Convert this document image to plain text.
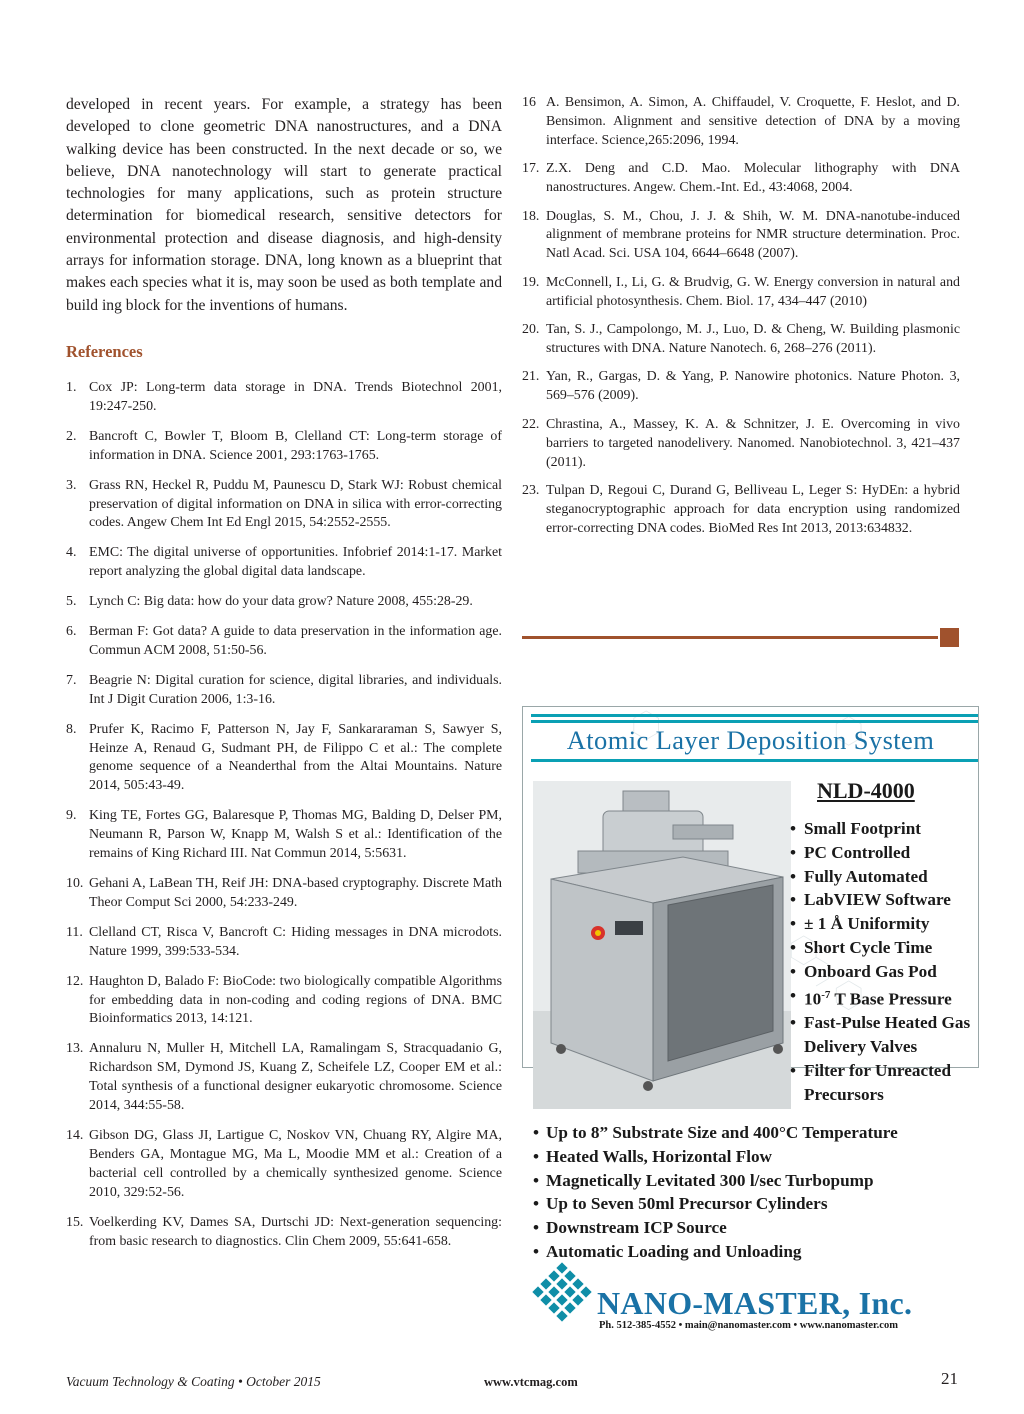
developed in recent years. For example, a strategy has been developed to clone geometric DNA nanostructures, and a DNA walking device has been constructed. In the next decade or so, we believe, DNA nanotechnology will start to generate practical technologies for many applications, such as protein structure determination for biomedical research, sensitive detectors for environmental protection and disease diagnosis, and high-density arrays for information storage. DNA, long known as a blueprint that makes each species what it is, may soon be used as both template and build ing block for the inventions of humans.

References
1. Cox JP: Long-term data storage in DNA. Trends Biotechnol 2001, 19:247-250.
2. Bancroft C, Bowler T, Bloom B, Clelland CT: Long-term storage of information in DNA. Science 2001, 293:1763-1765.
3. Grass RN, Heckel R, Puddu M, Paunescu D, Stark WJ: Robust chemical preservation of digital information on DNA in silica with error-correcting codes. Angew Chem Int Ed Engl 2015, 54:2552-2555.
4. EMC: The digital universe of opportunities. Infobrief 2014:1-17. Market report analyzing the global digital data landscape.
5. Lynch C: Big data: how do your data grow? Nature 2008, 455:28-29.
6. Berman F: Got data? A guide to data preservation in the information age. Commun ACM 2008, 51:50-56.
7. Beagrie N: Digital curation for science, digital libraries, and individuals. Int J Digit Curation 2006, 1:3-16.
8. Prufer K, Racimo F, Patterson N, Jay F, Sankararaman S, Sawyer S, Heinze A, Renaud G, Sudmant PH, de Filippo C et al.: The complete genome sequence of a Neanderthal from the Altai Mountains. Nature 2014, 505:43-49.
9. King TE, Fortes GG, Balaresque P, Thomas MG, Balding D, Delser PM, Neumann R, Parson W, Knapp M, Walsh S et al.: Identification of the remains of King Richard III. Nat Commun 2014, 5:5631.
10. Gehani A, LaBean TH, Reif JH: DNA-based cryptography. Discrete Math Theor Comput Sci 2000, 54:233-249.
11. Clelland CT, Risca V, Bancroft C: Hiding messages in DNA microdots. Nature 1999, 399:533-534.
12. Haughton D, Balado F: BioCode: two biologically compatible Algorithms for embedding data in non-coding and coding regions of DNA. BMC Bioinformatics 2013, 14:121.
13. Annaluru N, Muller H, Mitchell LA, Ramalingam S, Stracquadanio G, Richardson SM, Dymond JS, Kuang Z, Scheifele LZ, Cooper EM et al.: Total synthesis of a functional designer eukaryotic chromosome. Science 2014, 344:55-58.
14. Gibson DG, Glass JI, Lartigue C, Noskov VN, Chuang RY, Algire MA, Benders GA, Montague MG, Ma L, Moodie MM et al.: Creation of a bacterial cell controlled by a chemically synthesized genome. Science 2010, 329:52-56.
15. Voelkerding KV, Dames SA, Durtschi JD: Next-generation sequencing: from basic research to diagnostics. Clin Chem 2009, 55:641-658.
16 A. Bensimon, A. Simon, A. Chiffaudel, V. Croquette, F. Heslot, and D. Bensimon. Alignment and sensitive detection of DNA by a moving interface. Science,265:2096, 1994.
17. Z.X. Deng and C.D. Mao. Molecular lithography with DNA nanostructures. Angew. Chem.-Int. Ed., 43:4068, 2004.
18. Douglas, S. M., Chou, J. J. & Shih, W. M. DNA-nanotube-induced alignment of membrane proteins for NMR structure determination. Proc. Natl Acad. Sci. USA 104, 6644–6648 (2007).
19. McConnell, I., Li, G. & Brudvig, G. W. Energy conversion in natural and artificial photosynthesis. Chem. Biol. 17, 434–447 (2010)
20. Tan, S. J., Campolongo, M. J., Luo, D. & Cheng, W. Building plasmonic structures with DNA. Nature Nanotech. 6, 268–276 (2011).
21. Yan, R., Gargas, D. & Yang, P. Nanowire photonics. Nature Photon. 3, 569–576 (2009).
22. Chrastina, A., Massey, K. A. & Schnitzer, J. E. Overcoming in vivo barriers to targeted nanodelivery. Nanomed. Nanobiotechnol. 3, 421–437 (2011).
23. Tulpan D, Regoui C, Durand G, Belliveau L, Leger S: HyDEn: a hybrid steganocryptographic approach for data encryption using randomized error-correcting DNA codes. BioMed Res Int 2013, 2013:634832.
Atomic Layer Deposition System
NLD-4000
• Small Footprint
• PC Controlled
• Fully Automated
• LabVIEW Software
• ± 1 Å Uniformity
• Short Cycle Time
• Onboard Gas Pod
• $10^{-7}$ T Base Pressure
• Fast-Pulse Heated Gas Delivery Valves
• Filter for Unreacted Precursors
• Up to 8” Substrate Size and 400°C Temperature
• Heated Walls, Horizontal Flow
• Magnetically Levitated 300 l/sec Turbopump
• Up to Seven 50ml Precursor Cylinders
• Downstream ICP Source
• Automatic Loading and Unloading
NANO-MASTER, Inc.
Ph. 512-385-4552 • main@nanomaster.com • www.nanomaster.com
Vacuum Technology & Coating • October 2015	www.vtcmag.com	21
